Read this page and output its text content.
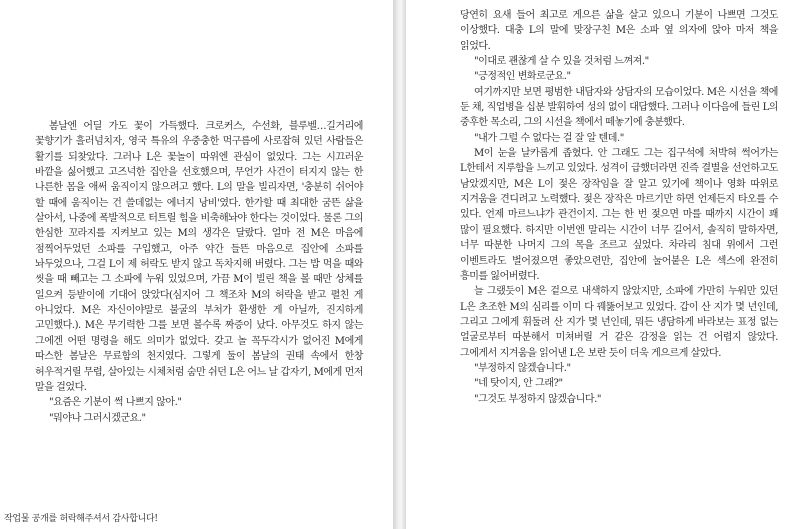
봄날엔 어딜 가도 꽃이 가득했다. 크로커스, 수선화, 블루벨…길거리에 꽃향기가 흘러넘치자, 영국 특유의 우중충한 먹구름에 사로잡혀 있던 사람들은 활기를 되찾았다. 그러나 L은 꽃놀이 따위엔 관심이 없었다. 그는 시끄러운 바깥을 싫어했고 고즈넉한 집안을 선호했으며, 무언가 사건이 터지지 않는 한 나른한 몸을 애써 움직이지 않으려고 했다. L의 말을 빌리자면, '충분히 쉬어야 할 때에 움직이는 건 쓸데없는 에너지 낭비'였다. 한가할 때 최대한 굼뜬 삶을 살아서, 나중에 폭발적으로 터트릴 힘을 비축해놔야 한다는 것이었다. 물론 그의 한심한 꼬라지를 지켜보고 있는 M의 생각은 달랐다. 얼마 전 M은 마음에 점찍어두었던 소파를 구입했고, 아주 약간 들뜬 마음으로 집안에 소파를 놔두었으나, 그걸 L이 제 허락도 받지 않고 독차지해 버렸다. 그는 밥 먹을 때와 씻을 때 빼고는 그 소파에 누워 있었으며, 가끔 M이 빌린 책을 볼 때만 상체를 일으켜 등받이에 기대어 앉았다(심지어 그 책조차 M의 허락을 받고 펼친 게 아니었다. M은 자신이야말로 불굴의 부처가 환생한 게 아닐까, 진지하게 고민했다.). M은 무기력한 그를 보면 볼수록 짜증이 났다. 아무것도 하지 않는 그에겐 어떤 명령을 해도 의미가 없었다. 갖고 놀 꼭두각시가 없어진 M에게 따스한 봄날은 무료함의 천지였다. 그렇게 둘이 봄날의 권태 속에서 한창 허우적거릴 무렵, 살아있는 시체처럼 숨만 쉬던 L은 어느 날 갑자기, M에게 먼저 말을 걸었다.

"요즘은 기분이 썩 나쁘지 않아."

"뭐야나 그러시겠군요."

작업물 공개를 허락해주셔서 감사합니다!

당연히 요새 들어 최고로 게으른 삶을 살고 있으니 기분이 나쁘면 그것도 이상했다. 대충 L의 말에 맞장구친 M은 소파 옆 의자에 앉아 마저 책을 읽었다.

"이대로 괜찮게 살 수 있을 것처럼 느껴져."

"긍정적인 변화로군요."

여기까지만 보면 평범한 내담자와 상담자의 모습이었다. M은 시선을 책에 둔 채, 직업병을 십분 발휘하여 성의 없이 대답했다. 그러나 이다음에 들린 L의 중후한 목소리, 그의 시선을 책에서 떼놓기에 충분했다.

"내가 그럴 수 없다는 걸 잘 알 텐데."

M이 눈을 날카롭게 좁혔다. 안 그래도 그는 집구석에 처박혀 썩어가는 L한테서 지루함을 느끼고 있었다. 성격이 급했더라면 진즉 결별을 선언하고도 남았겠지만, M은 L이 젖은 장작임을 잘 알고 있기에 책이나 영화 따위로 지겨움을 견디려고 노력했다. 젖은 장작은 마르기만 하면 언제든지 타오를 수 있다. 언제 마르느냐가 관건이지. 그는 한 번 젖으면 마를 때까지 시간이 꽤 많이 필요했다. 하지만 이번엔 말리는 시간이 너무 길어서, 솔직히 말하자면, 너무 따분한 나머지 그의 목을 조르고 싶었다. 차라리 침대 위에서 그런 이벤트라도 벌어졌으면 좋았으련만, 집안에 눌어붙은 L은 섹스에 완전히 흥미를 잃어버렸다.

늘 그랬듯이 M은 겉으로 내색하지 않았지만, 소파에 가만히 누워만 있던 L은 초조한 M의 심리를 이미 다 꿰뚫어보고 있었다. 갑이 산 지가 몇 년인데, 그리고 그에게 휘둘려 산 지가 몇 년인데, 뭐든 냉담하게 바라보는 표정 없는 얼굴로부터 따분해서 미쳐버릴 거 같은 감정을 읽는 건 어렵지 않았다. 그에게서 지겨움을 읽어낸 L은 보란 듯이 더욱 게으르게 살았다.

"부정하지 않겠습니다."

"네 탓이지, 안 그래?"

"그것도 부정하지 않겠습니다."
